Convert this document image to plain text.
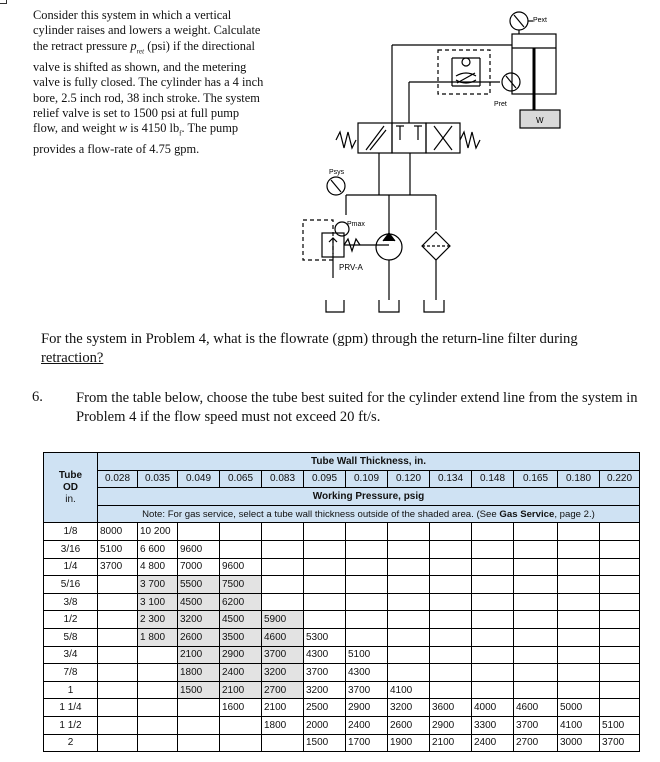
Consider this system in which a vertical
cylinder raises and lowers a weight. Calculate
the retract pressure $p_{ret}$ (psi) if the directional
valve is shifted as shown, and the metering
valve is fully closed. The cylinder has a 4 inch
bore, 2.5 inch rod, 38 inch stroke. The system
relief valve is set to 1500 psi at full pump
flow, and weight w is 4150 $lb_f$. The pump
provides a flow-rate of 4.75 gpm.
Pext
Pret
W
Psys
Pmax
PRV-A
For the system in Problem 4, what is the flowrate (gpm) through the return-line filter during
retraction?
6. From the table below, choose the tube best suited for the cylinder extend line from the system in
Problem 4 if the flow speed must not exceed 20 ft/s.
Tube
OD
in.	Tube Wall Thickness, in.												
	0.028	0.035	0.049	0.065	0.083	0.095	0.109	0.120	0.134	0.148	0.165	0.180	0.220
	Working Pressure, psig												
	Note: For gas service, select a tube wall thickness outside of the shaded area. (See Gas Service, page 2.)												
1/8	8000	10 200											
3/16	5100	6 600	9600										
1/4	3700	4 800	7000	9600									
5/16		3 700	5500	7500									
3/8		3 100	4500	6200									
1/2		2 300	3200	4500	5900								
5/8		1 800	2600	3500	4600	5300							
3/4			2100	2900	3700	4300	5100						
7/8			1800	2400	3200	3700	4300						
1			1500	2100	2700	3200	3700	4100					
1 1/4				1600	2100	2500	2900	3200	3600	4000	4600	5000	
1 1/2					1800	2000	2400	2600	2900	3300	3700	4100	5100
2						1500	1700	1900	2100	2400	2700	3000	3700
